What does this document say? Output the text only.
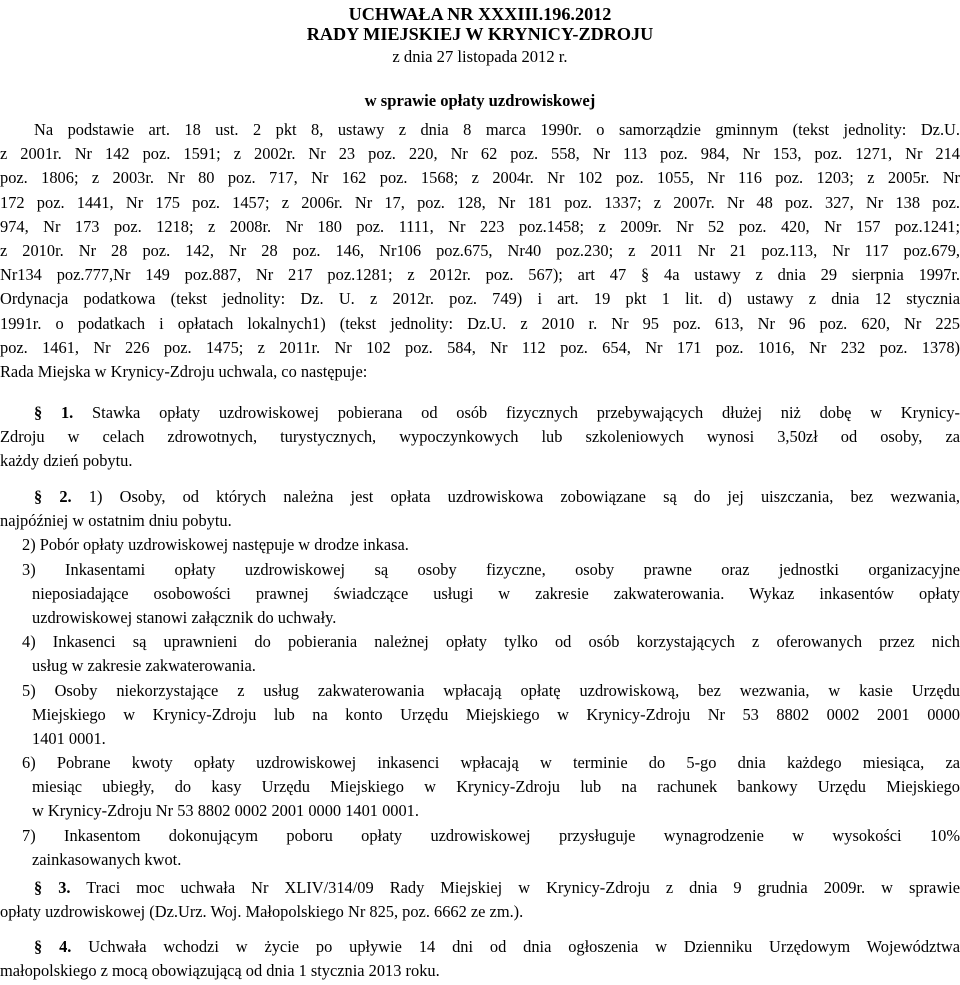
UCHWAŁA NR XXXIII.196.2012
RADY MIEJSKIEJ W KRYNICY-ZDROJU
z dnia 27 listopada 2012 r.
w sprawie opłaty uzdrowiskowej
Na podstawie art. 18 ust. 2 pkt 8, ustawy z dnia 8 marca 1990r. o samorządzie gminnym (tekst jednolity: Dz.U.
z 2001r. Nr 142 poz. 1591; z 2002r. Nr 23 poz. 220, Nr 62 poz. 558, Nr 113 poz. 984, Nr 153, poz. 1271, Nr 214
poz. 1806; z 2003r. Nr 80 poz. 717, Nr 162 poz. 1568; z 2004r. Nr 102 poz. 1055, Nr 116 poz. 1203; z 2005r. Nr
172 poz. 1441, Nr 175 poz. 1457; z 2006r. Nr 17, poz. 128, Nr 181 poz. 1337; z 2007r. Nr 48 poz. 327, Nr 138 poz.
974, Nr 173 poz. 1218; z 2008r. Nr 180 poz. 1111, Nr 223 poz.1458; z 2009r. Nr 52 poz. 420, Nr 157 poz.1241;
z 2010r. Nr 28 poz. 142, Nr 28 poz. 146, Nr106 poz.675, Nr40 poz.230; z 2011 Nr 21 poz.113, Nr 117 poz.679,
Nr134 poz.777,Nr 149 poz.887, Nr 217 poz.1281; z 2012r. poz. 567); art 47 § 4a ustawy z dnia 29 sierpnia 1997r.
Ordynacja podatkowa (tekst jednolity: Dz. U. z 2012r. poz. 749) i art. 19 pkt 1 lit. d) ustawy z dnia 12 stycznia
1991r. o podatkach i opłatach lokalnych1) (tekst jednolity: Dz.U. z 2010 r. Nr 95 poz. 613, Nr 96 poz. 620, Nr 225
poz. 1461, Nr 226 poz. 1475; z 2011r. Nr 102 poz. 584, Nr 112 poz. 654, Nr 171 poz. 1016, Nr 232 poz. 1378)
Rada Miejska w Krynicy-Zdroju uchwala, co następuje:
§ 1. Stawka opłaty uzdrowiskowej pobierana od osób fizycznych przebywających dłużej niż dobę w Krynicy-
Zdroju w celach zdrowotnych, turystycznych, wypoczynkowych lub szkoleniowych wynosi 3,50zł od osoby, za
każdy dzień pobytu.
§ 2. 1) Osoby, od których należna jest opłata uzdrowiskowa zobowiązane są do jej uiszczania, bez wezwania,
najpóźniej w ostatnim dniu pobytu.
2) Pobór opłaty uzdrowiskowej następuje w drodze inkasa.
3) Inkasentami opłaty uzdrowiskowej są osoby fizyczne, osoby prawne oraz jednostki organizacyjne
nieposiadające osobowości prawnej świadczące usługi w zakresie zakwaterowania. Wykaz inkasentów opłaty
uzdrowiskowej stanowi załącznik do uchwały.
4) Inkasenci są uprawnieni do pobierania należnej opłaty tylko od osób korzystających z oferowanych przez nich
usług w zakresie zakwaterowania.
5) Osoby niekorzystające z usług zakwaterowania wpłacają opłatę uzdrowiskową, bez wezwania, w kasie Urzędu
Miejskiego w Krynicy-Zdroju lub na konto Urzędu Miejskiego w Krynicy-Zdroju Nr 53 8802 0002 2001 0000
1401 0001.
6) Pobrane kwoty opłaty uzdrowiskowej inkasenci wpłacają w terminie do 5-go dnia każdego miesiąca, za
miesiąc ubiegły, do kasy Urzędu Miejskiego w Krynicy-Zdroju lub na rachunek bankowy Urzędu Miejskiego
w Krynicy-Zdroju Nr 53 8802 0002 2001 0000 1401 0001.
7) Inkasentom dokonującym poboru opłaty uzdrowiskowej przysługuje wynagrodzenie w wysokości 10%
zainkasowanych kwot.
§ 3. Traci moc uchwała Nr XLIV/314/09 Rady Miejskiej w Krynicy-Zdroju z dnia 9 grudnia 2009r. w sprawie
opłaty uzdrowiskowej (Dz.Urz. Woj. Małopolskiego Nr 825, poz. 6662 ze zm.).
§ 4. Uchwała wchodzi w życie po upływie 14 dni od dnia ogłoszenia w Dzienniku Urzędowym Województwa
małopolskiego z mocą obowiązującą od dnia 1 stycznia 2013 roku.
